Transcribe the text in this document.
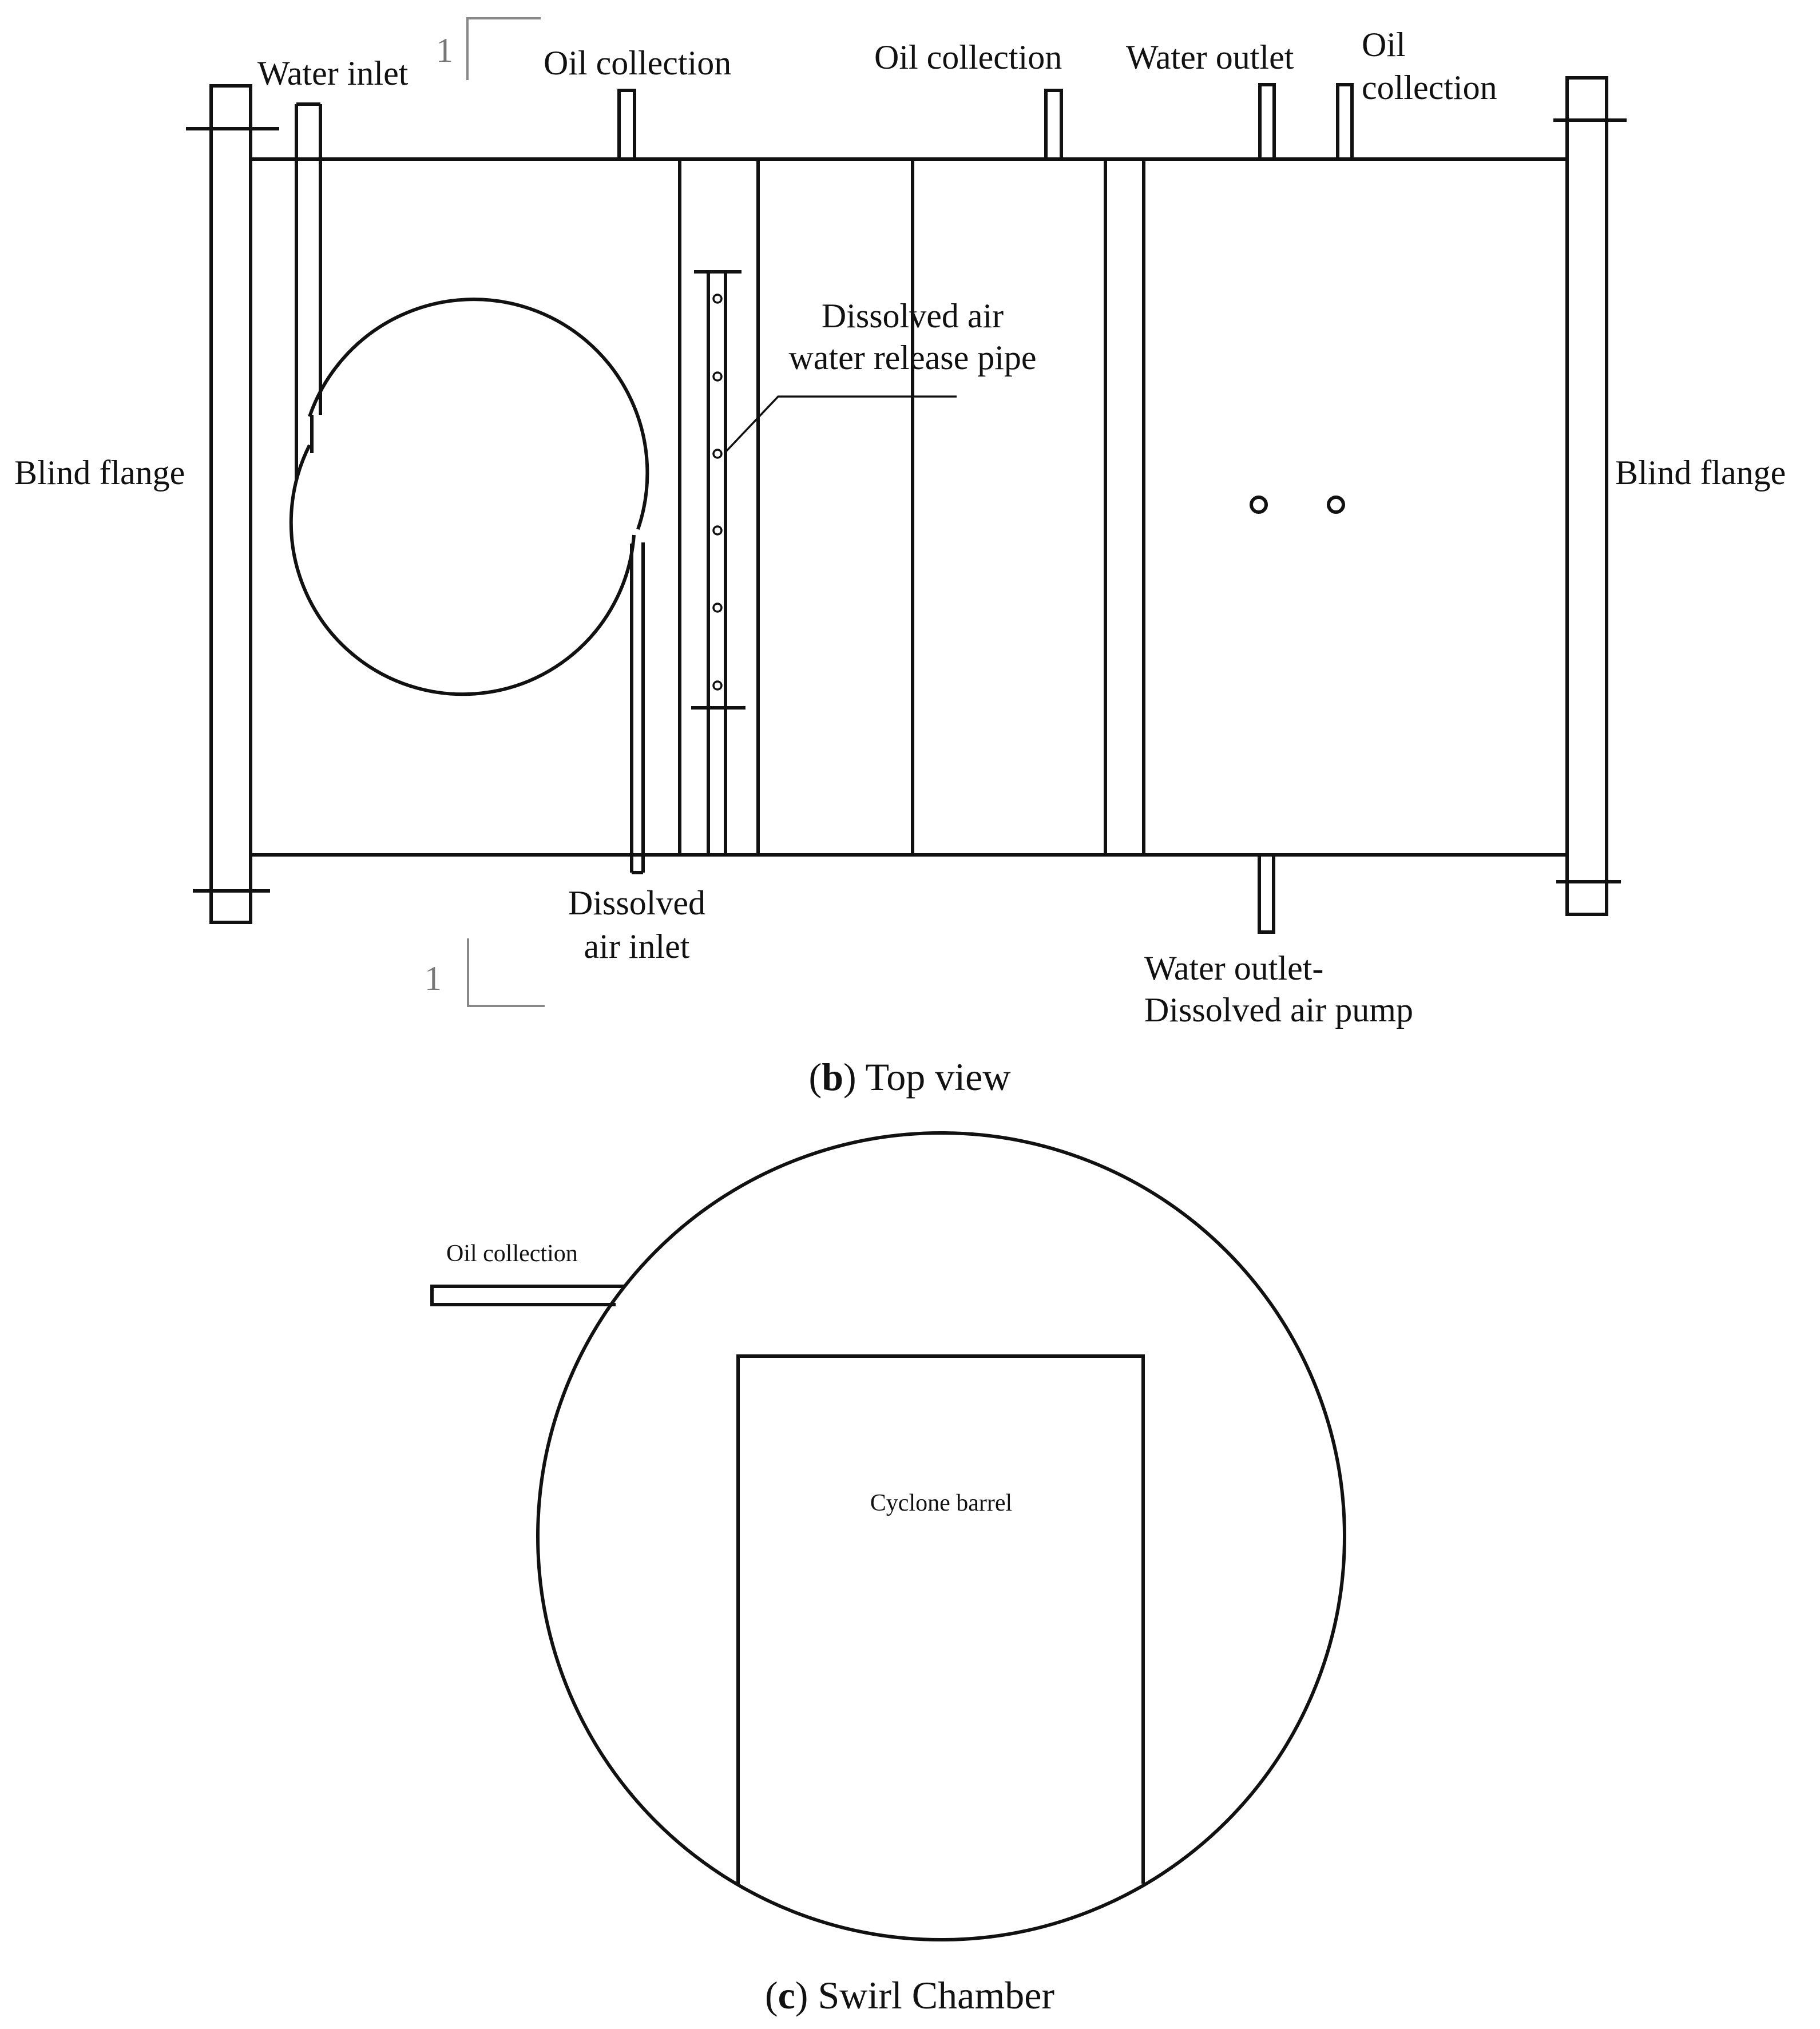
Water inlet	Oil collection	Oil collection Water outlet Oil
collection
Blind flange	Blind flange
Dissolved air
water release pipe
Dissolved
air inlet
Water outlet-
Dissolved air pump
1
1
(b) Top view
Oil collection
Cyclone barrel
(c) Swirl Chamber
